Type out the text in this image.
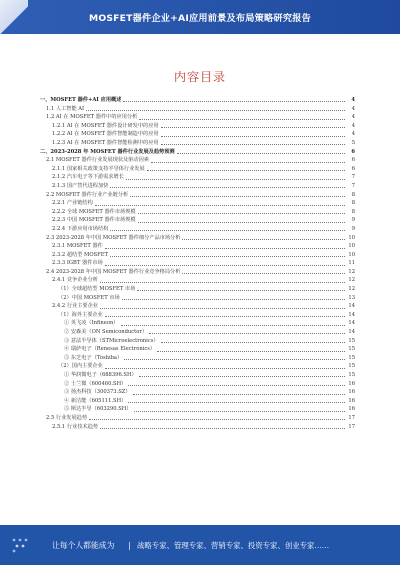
MOSFET器件企业+AI应用前景及布局策略研究报告
内容目录
一、MOSFET 器件+AI 应用概述	4
1.1 人工智能 AI	4
1.2 AI 在 MOSFET 器件中的应用分析	4
1.2.1 AI 在 MOSFET 器件设计研发中的应用	4
1.2.2 AI 在 MOSFET 器件智能制造中的应用	4
1.2.3 AI 在 MOSFET 器件智能检测中的应用	5
二、2023-2028 年 MOSFET 器件行业发展及趋势预测	6
2.1 MOSFET 器件行业发展现状及驱动因素	6
2.1.1 国家相关政策支持半导体行业发展	6
2.1.2 汽车电子等下游需求增长	7
2.1.3 国产替代进程加快	7
2.2 MOSFET 器件行业产业链分析	8
2.2.1 产业链结构	8
2.2.2 全球 MOSFET 器件市场规模	8
2.2.3 中国 MOSFET 器件市场规模	9
2.2.4 下游应用市场结构	9
2.3 2023-2028 年中国 MOSFET 器件细分产品市场分析	10
2.3.1 MOSFET 器件	10
2.3.2 超结型 MOSFET	10
2.3.3 IGBT 器件市场	11
2.4 2023-2028 年中国 MOSFET 器件行业竞争格局分析	12
2.4.1 竞争企业分析	12
（1）全球超结型 MOSFET 市场	12
（2）中国 MOSFET 市场	13
2.4.2 行业主要企业	14
（1）海外主要企业	14
① 英飞凌（Infineon）	14
② 安森美（ON Semiconductor）	14
③ 意法半导体（STMicroelectronics）	15
④ 瑞萨电子（Renesas Electronics）	15
⑤ 东芝电子（Toshiba）	15
（2）国内主要企业	15
① 华润微电子（688396.SH）	15
② 士兰微（600460.SH）	16
③ 扬杰科技（300373.SZ）	16
④ 新洁能（605111.SH）	16
⑤ 斯达半导（603290.SH）	16
2.5 行业发展趋势	17
2.5.1 行业技术趋势	17
让每个人都能成为 | 战略专家、管理专家、营销专家、投资专家、创业专家……
